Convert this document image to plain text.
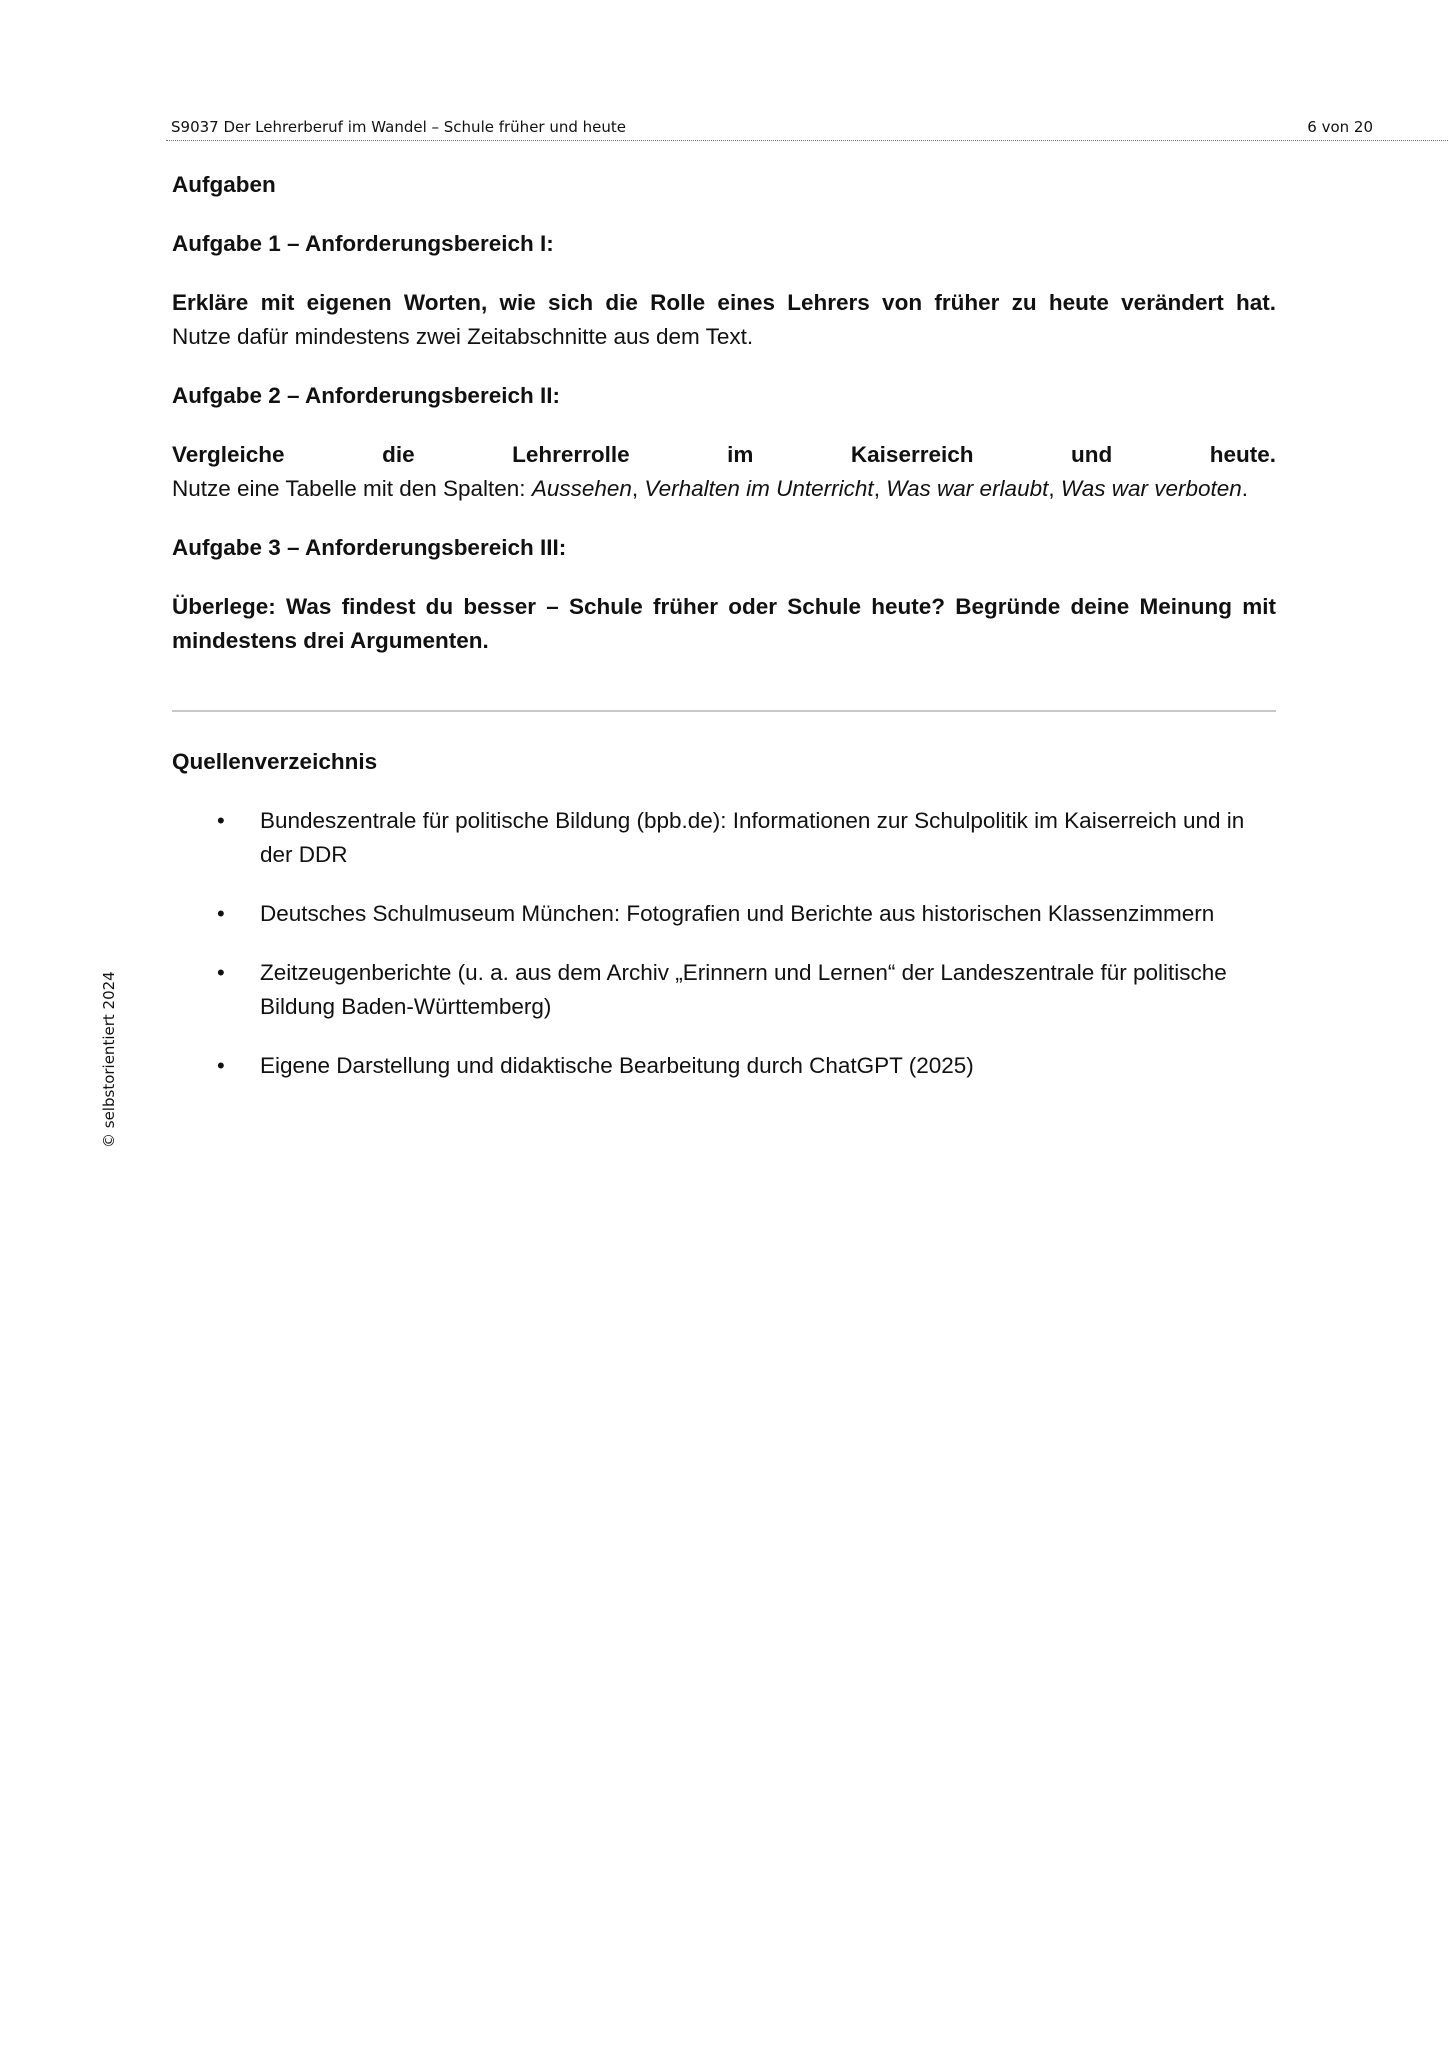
S9037 Der Lehrerberuf im Wandel – Schule früher und heute	6 von 20
© selbstorientiert 2024

Aufgaben

Aufgabe 1 – Anforderungsbereich I:

Erkläre mit eigenen Worten, wie sich die Rolle eines Lehrers von früher zu heute verändert hat.

Nutze dafür mindestens zwei Zeitabschnitte aus dem Text.

Aufgabe 2 – Anforderungsbereich II:

Vergleiche die Lehrerrolle im Kaiserreich und heute.

Nutze eine Tabelle mit den Spalten: Aussehen, Verhalten im Unterricht, Was war erlaubt, Was war verboten.

Aufgabe 3 – Anforderungsbereich III:

Überlege: Was findest du besser – Schule früher oder Schule heute? Begründe deine Meinung mit mindestens drei Argumenten.

Quellenverzeichnis

• Bundeszentrale für politische Bildung (bpb.de): Informationen zur Schulpolitik im Kaiserreich und in der DDR
• Deutsches Schulmuseum München: Fotografien und Berichte aus historischen Klassenzimmern
• Zeitzeugenberichte (u. a. aus dem Archiv „Erinnern und Lernen“ der Landeszentrale für politische Bildung Baden-Württemberg)
• Eigene Darstellung und didaktische Bearbeitung durch ChatGPT (2025)
